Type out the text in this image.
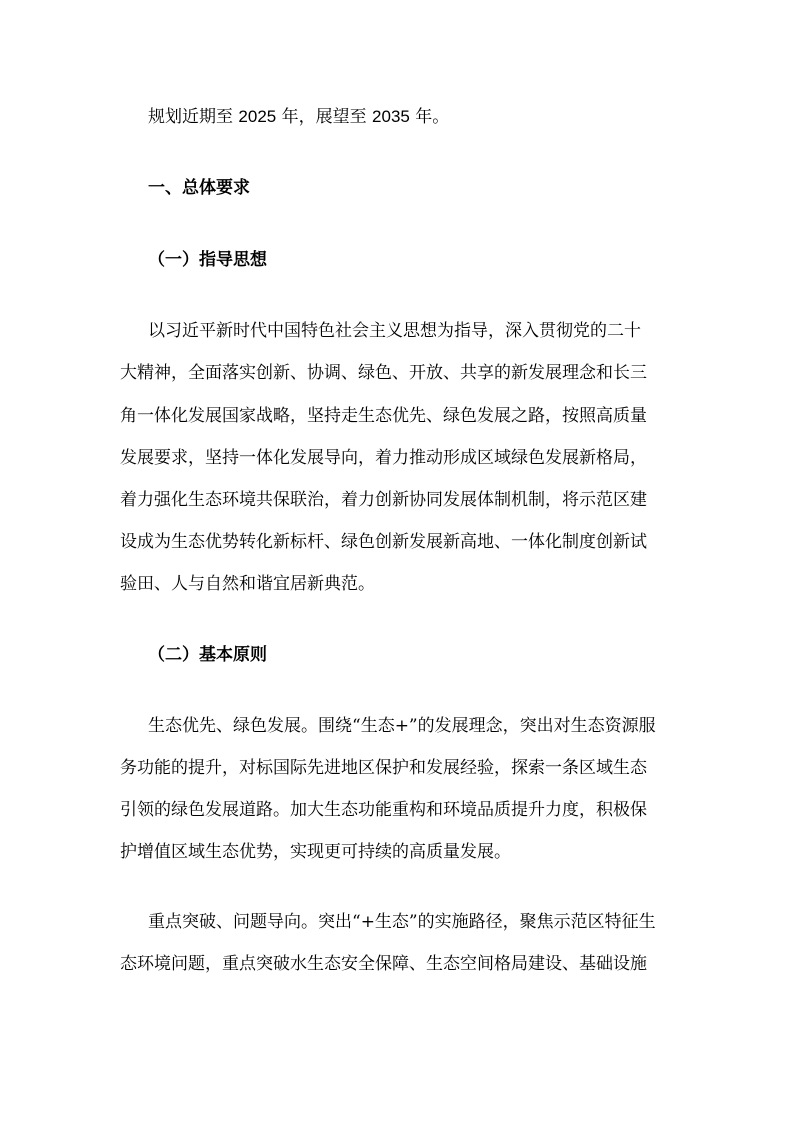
规划近期至 2025 年，展望至 2035 年。

一、总体要求

（一）指导思想

以习近平新时代中国特色社会主义思想为指导，深入贯彻党的二十

大精神，全面落实创新、协调、绿色、开放、共享的新发展理念和长三

角一体化发展国家战略，坚持走生态优先、绿色发展之路，按照高质量

发展要求，坚持一体化发展导向，着力推动形成区域绿色发展新格局，

着力强化生态环境共保联治，着力创新协同发展体制机制，将示范区建

设成为生态优势转化新标杆、绿色创新发展新高地、一体化制度创新试

验田、人与自然和谐宜居新典范。

（二）基本原则

生态优先、绿色发展。围绕“生态+”的发展理念，突出对生态资源服

务功能的提升，对标国际先进地区保护和发展经验，探索一条区域生态

引领的绿色发展道路。加大生态功能重构和环境品质提升力度，积极保

护增值区域生态优势，实现更可持续的高质量发展。

重点突破、问题导向。突出“+生态”的实施路径，聚焦示范区特征生

态环境问题，重点突破水生态安全保障、生态空间格局建设、基础设施
